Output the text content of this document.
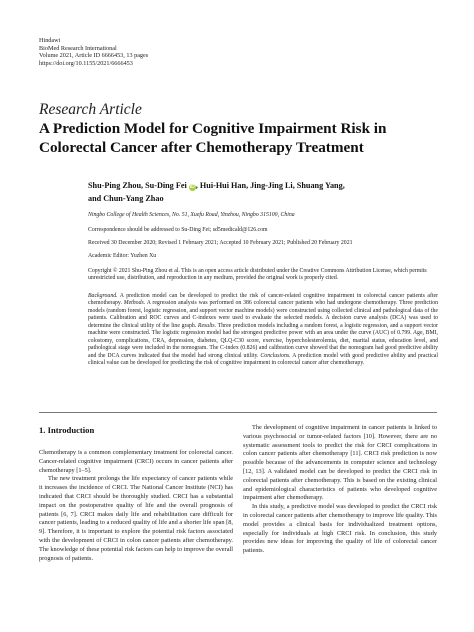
Hindawi
BioMed Research International
Volume 2021, Article ID 6666453, 13 pages
https://doi.org/10.1155/2021/6666453
Research Article
A Prediction Model for Cognitive Impairment Risk in Colorectal Cancer after Chemotherapy Treatment
Shu-Ping Zhou, Su-Ding Fei iD, Hui-Hui Han, Jing-Jing Li, Shuang Yang,
and Chun-Yang Zhao
Ningbo College of Health Sciences, No. 51, Xuefu Road, Yinzhou, Ningbo 315100, China
Correspondence should be addressed to Su-Ding Fei; sd5medicald@126.com
Received 30 December 2020; Revised 1 February 2021; Accepted 10 February 2021; Published 20 February 2021
Academic Editor: Yuzhen Xu
Copyright © 2021 Shu-Ping Zhou et al. This is an open access article distributed under the Creative Commons Attribution License, which permits unrestricted use, distribution, and reproduction in any medium, provided the original work is properly cited.
Background. A prediction model can be developed to predict the risk of cancer-related cognitive impairment in colorectal cancer patients after chemotherapy. Methods. A regression analysis was performed on 386 colorectal cancer patients who had undergone chemotherapy. Three prediction models (random forest, logistic regression, and support vector machine models) were constructed using collected clinical and pathological data of the patients. Calibration and ROC curves and C-indexes were used to evaluate the selected models. A decision curve analysis (DCA) was used to determine the clinical utility of the line graph. Results. Three prediction models including a random forest, a logistic regression, and a support vector machine were constructed. The logistic regression model had the strongest predictive power with an area under the curve (AUC) of 0.799. Age, BMI, colostomy, complications, CRA, depression, diabetes, QLQ-C30 score, exercise, hypercholesterolemia, diet, marital status, education level, and pathological stage were included in the nomogram. The C-index (0.826) and calibration curve showed that the nomogram had good predictive ability and the DCA curves indicated that the model had strong clinical utility. Conclusions. A prediction model with good predictive ability and practical clinical value can be developed for predicting the risk of cognitive impairment in colorectal cancer after chemotherapy.
1. Introduction

Chemotherapy is a common complementary treatment for colorectal cancer. Cancer-related cognitive impairment (CRCI) occurs in cancer patients after chemotherapy [1–5].

The new treatment prolongs the life expectancy of cancer patients while it increases the incidence of CRCI. The National Cancer Institute (NCI) has indicated that CRCI should be thoroughly studied. CRCI has a substantial impact on the postoperative quality of life and the overall prognosis of patients [6, 7]. CRCI makes daily life and rehabilitation care difficult for cancer patients, leading to a reduced quality of life and a shorter life span [8, 9]. Therefore, it is important to explore the potential risk factors associated with the development of CRCI in colon cancer patients after chemotherapy. The knowledge of these potential risk factors can help to improve the overall prognosis of patients.

The development of cognitive impairment in cancer patients is linked to various psychosocial or tumor-related factors [10]. However, there are no systematic assessment tools to predict the risk for CRCI complications in colon cancer patients after chemotherapy [11]. CRCI risk prediction is now possible because of the advancements in computer science and technology [12, 13]. A validated model can be developed to predict the CRCI risk in colorectal patients after chemotherapy. This is based on the existing clinical and epidemiological characteristics of patients who developed cognitive impairment after chemotherapy.

In this study, a predictive model was developed to predict the CRCI risk in colorectal cancer patients after chemotherapy to improve life quality. This model provides a clinical basis for individualized treatment options, especially for individuals at high CRCI risk. In conclusion, this study provides new ideas for improving the quality of life of colorectal cancer patients.
